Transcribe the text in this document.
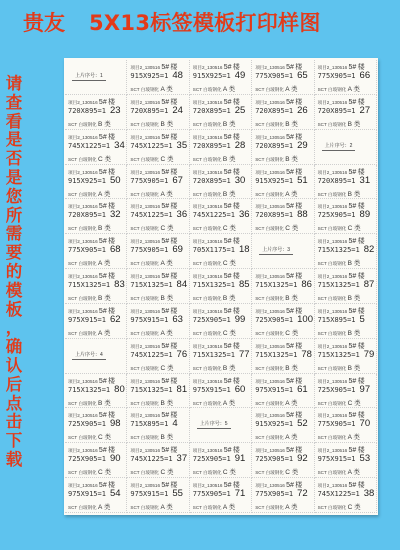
贵友 5X13标签模板打印样图
请
查
看
是
否
是
您
所
需
要
的
模
板
，
确
认
后
点
击
下
载
上片序号：1
项目2_130516 5# 楼
915X925=1 48
SCT 白玻钢化 A 类
项目2_130516 5# 楼
915X925=1 49
SCT 白玻钢化 A 类
项目2_130516 5# 楼
775X905=1 65
SCT 白玻钢化 A 类
项目2_130516 5# 楼
775X905=1 66
SCT 白玻钢化 A 类
项目2_130516 5# 楼
720X895=1 23
SCT 白玻钢化 B 类
项目2_130516 5# 楼
720X895=1 24
SCT 白玻钢化 B 类
项目2_130516 5# 楼
720X895=1 25
SCT 白玻钢化 B 类
项目2_130516 5# 楼
720X895=1 26
SCT 白玻钢化 B 类
项目2_130516 5# 楼
720X895=1 27
SCT 白玻钢化 B 类
项目2_130516 5# 楼
745X1225=1 34
SCT 白玻钢化 C 类
项目2_130516 5# 楼
745X1225=1 35
SCT 白玻钢化 C 类
项目2_130516 5# 楼
720X895=1 28
SCT 白玻钢化 B 类
项目2_130516 5# 楼
720X895=1 29
SCT 白玻钢化 B 类
上片序号：2
项目2_130516 5# 楼
915X925=1 50
SCT 白玻钢化 A 类
项目2_130516 5# 楼
775X905=1 67
SCT 白玻钢化 A 类
项目2_130516 5# 楼
720X895=1 30
SCT 白玻钢化 B 类
项目2_130516 5# 楼
915X925=1 51
SCT 白玻钢化 A 类
项目2_130516 5# 楼
720X895=1 31
SCT 白玻钢化 B 类
项目2_130516 5# 楼
720X895=1 32
SCT 白玻钢化 B 类
项目2_130516 5# 楼
745X1225=1 36
SCT 白玻钢化 C 类
项目2_130516 5# 楼
745X1225=1 36
SCT 白玻钢化 C 类
项目2_130516 5# 楼
720X895=1 88
SCT 白玻钢化 C 类
项目2_130516 5# 楼
725X905=1 89
SCT 白玻钢化 C 类
项目2_130516 5# 楼
775X905=1 68
SCT 白玻钢化 A 类
项目2_130516 5# 楼
775X905=1 69
SCT 白玻钢化 A 类
项目2_130516 5# 楼
705X1175=1 18
SCT 白玻钢化 C 类
上片序号：3
项目2_130516 5# 楼
715X1325=1 82
SCT 白玻钢化 B 类
项目2_130516 5# 楼
715X1325=1 83
SCT 白玻钢化 B 类
项目2_130516 5# 楼
715X1325=1 84
SCT 白玻钢化 B 类
项目2_130516 5# 楼
715X1325=1 85
SCT 白玻钢化 B 类
项目2_130516 5# 楼
715X1325=1 86
SCT 白玻钢化 B 类
项目2_130516 5# 楼
715X1325=1 87
SCT 白玻钢化 B 类
项目2_130516 5# 楼
975X915=1 62
SCT 白玻钢化 A 类
项目2_130516 5# 楼
975X915=1 63
SCT 白玻钢化 A 类
项目2_130516 5# 楼
725X905=1 99
SCT 白玻钢化 C 类
项目2_130516 5# 楼
725X905=1 100
SCT 白玻钢化 C 类
项目2_130516 5# 楼
715X895=1 5
SCT 白玻钢化 B 类
上片序号：4
项目2_130516 5# 楼
745X1225=1 76
SCT 白玻钢化 C 类
项目2_130516 5# 楼
715X1325=1 77
SCT 白玻钢化 B 类
项目2_130516 5# 楼
715X1325=1 78
SCT 白玻钢化 B 类
项目2_130516 5# 楼
715X1325=1 79
SCT 白玻钢化 B 类
项目2_130516 5# 楼
715X1325=1 80
SCT 白玻钢化 B 类
项目2_130516 5# 楼
715X1325=1 81
SCT 白玻钢化 B 类
项目2_130516 5# 楼
975X915=1 60
SCT 白玻钢化 A 类
项目2_130516 5# 楼
975X915=1 61
SCT 白玻钢化 A 类
项目2_130516 5# 楼
725X905=1 97
SCT 白玻钢化 C 类
项目2_130516 5# 楼
725X905=1 98
SCT 白玻钢化 C 类
项目2_130516 5# 楼
715X895=1 4
SCT 白玻钢化 B 类
上片序号：5
项目2_130516 5# 楼
915X925=1 52
SCT 白玻钢化 A 类
项目2_130516 5# 楼
775X905=1 70
SCT 白玻钢化 A 类
项目2_130516 5# 楼
725X905=1 90
SCT 白玻钢化 C 类
项目2_130516 5# 楼
745X1225=1 37
SCT 白玻钢化 C 类
项目2_130516 5# 楼
725X905=1 91
SCT 白玻钢化 C 类
项目2_130516 5# 楼
725X905=1 92
SCT 白玻钢化 C 类
项目2_130516 5# 楼
975X915=1 53
SCT 白玻钢化 A 类
项目2_130516 5# 楼
975X915=1 54
SCT 白玻钢化 A 类
项目2_130516 5# 楼
975X915=1 55
SCT 白玻钢化 A 类
项目2_130516 5# 楼
775X905=1 71
SCT 白玻钢化 A 类
项目2_130516 5# 楼
775X905=1 72
SCT 白玻钢化 A 类
项目2_130516 5# 楼
745X1225=1 38
SCT 白玻钢化 C 类
